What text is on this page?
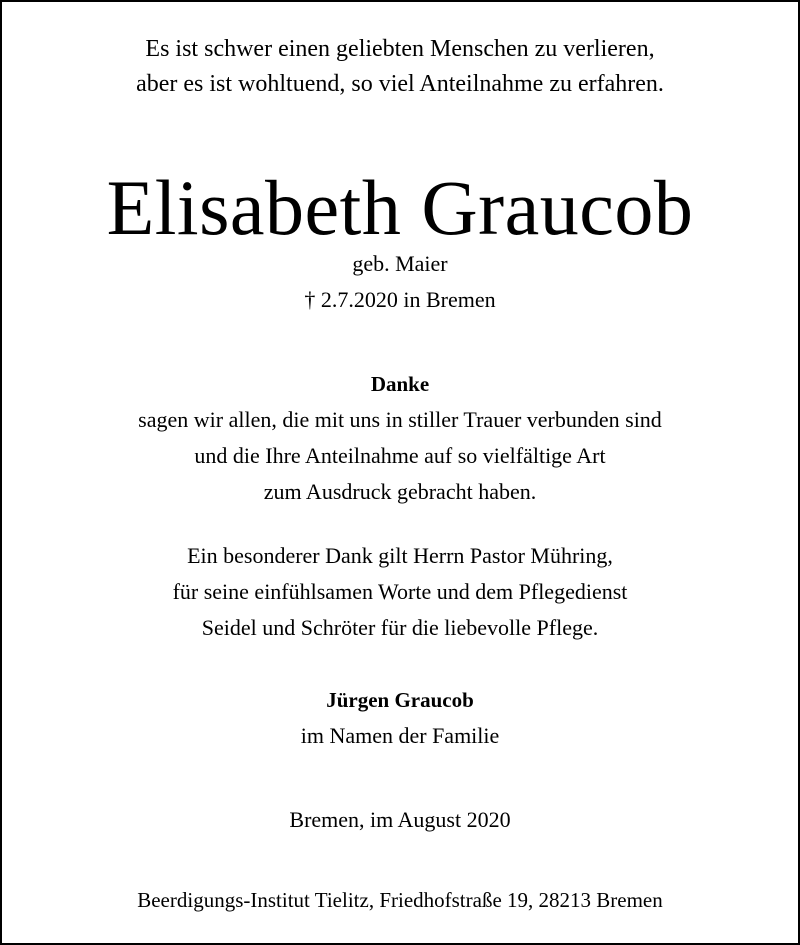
Es ist schwer einen geliebten Menschen zu verlieren,
aber es ist wohltuend, so viel Anteilnahme zu erfahren.
Elisabeth Graucob
geb. Maier
† 2.7.2020 in Bremen
Danke
sagen wir allen, die mit uns in stiller Trauer verbunden sind
und die Ihre Anteilnahme auf so vielfältige Art
zum Ausdruck gebracht haben.
Ein besonderer Dank gilt Herrn Pastor Mühring,
für seine einfühlsamen Worte und dem Pflegedienst
Seidel und Schröter für die liebevolle Pflege.
Jürgen Graucob
im Namen der Familie
Bremen, im August 2020
Beerdigungs-Institut Tielitz, Friedhofstraße 19, 28213 Bremen
